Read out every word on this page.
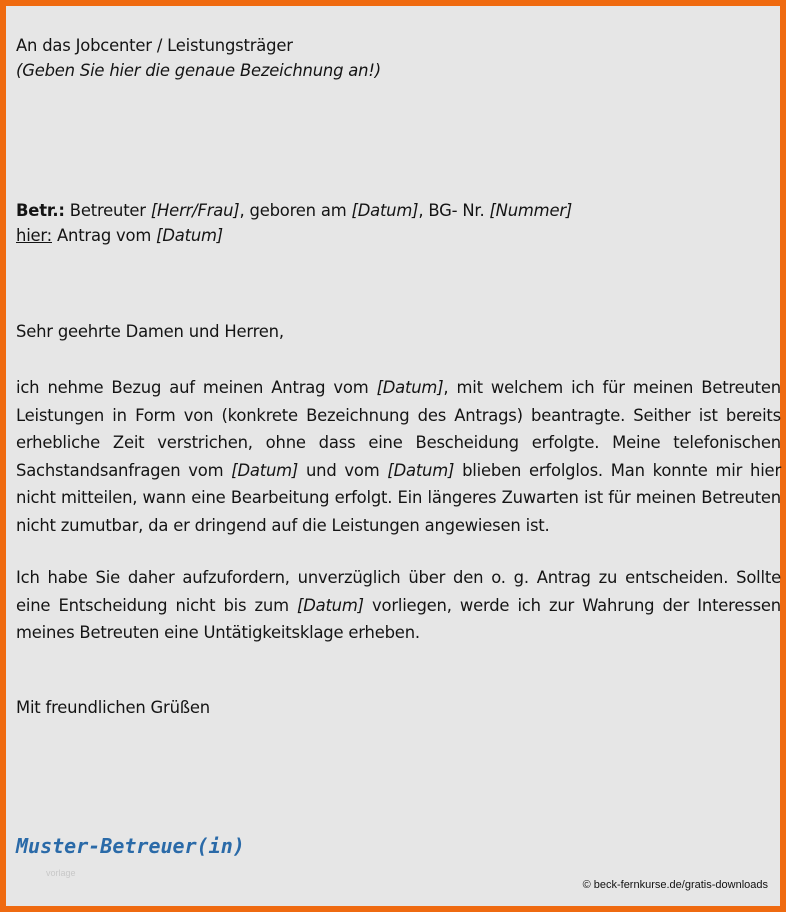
An das Jobcenter / Leistungsträger

(Geben Sie hier die genaue Bezeichnung an!)

Betr.: Betreuter [Herr/Frau], geboren am [Datum], BG- Nr. [Nummer]

hier: Antrag vom [Datum]

Sehr geehrte Damen und Herren,

ich nehme Bezug auf meinen Antrag vom [Datum], mit welchem ich für meinen Betreuten Leistungen in Form von (konkrete Bezeichnung des Antrags) beantragte. Seither ist bereits erhebliche Zeit verstrichen, ohne dass eine Bescheidung erfolgte. Meine telefonischen Sachstandsanfragen vom [Datum] und vom [Datum] blieben erfolglos. Man konnte mir hier nicht mitteilen, wann eine Bearbeitung erfolgt. Ein längeres Zuwarten ist für meinen Betreuten nicht zumutbar, da er dringend auf die Leistungen angewiesen ist.

Ich habe Sie daher aufzufordern, unverzüglich über den o. g. Antrag zu entscheiden. Sollte eine Entscheidung nicht bis zum [Datum] vorliegen, werde ich zur Wahrung der Interessen meines Betreuten eine Untätigkeitsklage erheben.

Mit freundlichen Grüßen

Muster-Betreuer(in)
vorlage
© beck-fernkurse.de/gratis-downloads
